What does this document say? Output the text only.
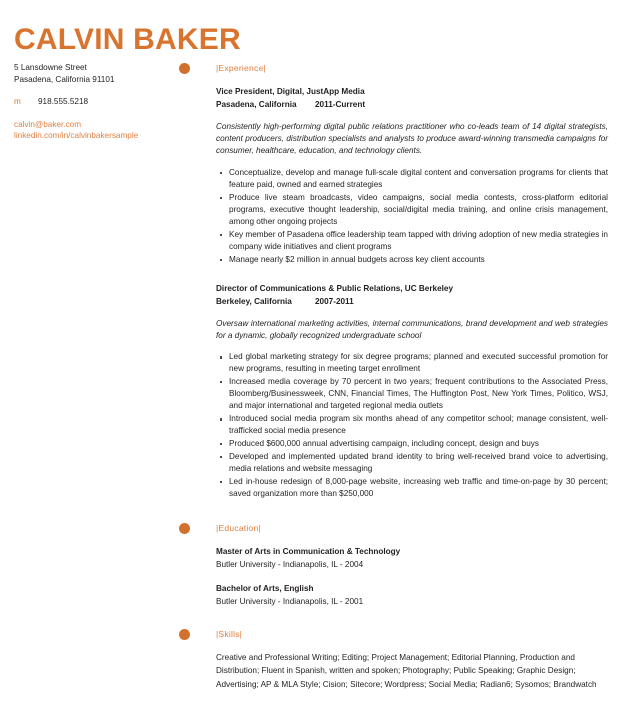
CALVIN BAKER
5 Lansdowne Street
Pasadena, California 91101
m	918.555.5218
calvin@baker.com
linkedin.com/in/calvinbakersample
|Experience|
Vice President, Digital, JustApp Media
Pasadena, California	2011-Current
Consistently high-performing digital public relations practitioner who co-leads team of 14 digital strategists, content producers, distribution specialists and analysts to produce award-winning transmedia campaigns for consumer, healthcare, education, and technology clients.
Conceptualize, develop and manage full-scale digital content and conversation programs for clients that feature paid, owned and earned strategies
Produce live steam broadcasts, video campaigns, social media contests, cross-platform editorial programs, executive thought leadership, social/digital media training, and online crisis management, among other ongoing projects
Key member of Pasadena office leadership team tapped with driving adoption of new media strategies in company wide initiatives and client programs
Manage nearly $2 million in annual budgets across key client accounts
Director of Communications & Public Relations, UC Berkeley
Berkeley, California	2007-2011
Oversaw international marketing activities, internal communications, brand development and web strategies for a dynamic, globally recognized undergraduate school
Led global marketing strategy for six degree programs; planned and executed successful promotion for new programs, resulting in meeting target enrollment
Increased media coverage by 70 percent in two years; frequent contributions to the Associated Press, Bloomberg/Businessweek, CNN, Financial Times, The Huffington Post, New York Times, Politico, WSJ, and major international and targeted regional media outlets
Introduced social media program six months ahead of any competitor school; manage consistent, well-trafficked social media presence
Produced $600,000 annual advertising campaign, including concept, design and buys
Developed and implemented updated brand identity to bring well-received brand voice to advertising, media relations and website messaging
Led in-house redesign of 8,000-page website, increasing web traffic and time-on-page by 30 percent; saved organization more than $250,000
|Education|
Master of Arts in Communication & Technology
Butler University - Indianapolis, IL - 2004
Bachelor of Arts, English
Butler University - Indianapolis, IL - 2001
|Skills|
Creative and Professional Writing; Editing; Project Management; Editorial Planning, Production and Distribution; Fluent in Spanish, written and spoken; Photography; Public Speaking; Graphic Design; Advertising; AP & MLA Style; Cision; Sitecore; Wordpress; Social Media; Radian6; Sysomos; Brandwatch
